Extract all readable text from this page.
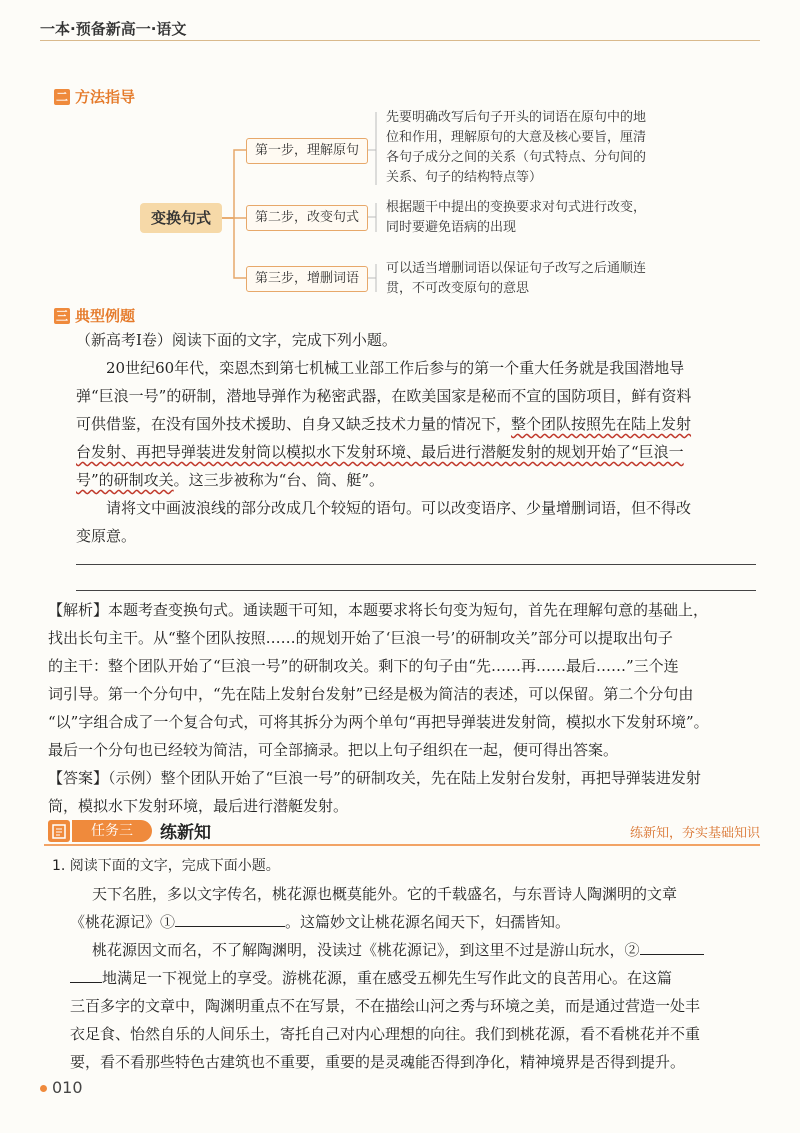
一本·预备新高一·语文
二 方法指导
变换句式
第一步，理解原句
第二步，改变句式
第三步，增删词语
先要明确改写后句子开头的词语在原句中的地
位和作用，理解原句的大意及核心要旨，厘清
各句子成分之间的关系（句式特点、分句间的
关系、句子的结构特点等）
根据题干中提出的变换要求对句式进行改变，
同时要避免语病的出现
可以适当增删词语以保证句子改写之后通顺连
贯，不可改变原句的意思
三 典型例题
（新高考Ⅰ卷）阅读下面的文字，完成下列小题。
20世纪60年代，栾恩杰到第七机械工业部工作后参与的第一个重大任务就是我国潜地导
弹“巨浪一号”的研制，潜地导弹作为秘密武器，在欧美国家是秘而不宣的国防项目，鲜有资料
可供借鉴，在没有国外技术援助、自身又缺乏技术力量的情况下，整个团队按照先在陆上发射
台发射、再把导弹装进发射筒以模拟水下发射环境、最后进行潜艇发射的规划开始了“巨浪一
号”的研制攻关。这三步被称为“台、筒、艇”。
请将文中画波浪线的部分改成几个较短的语句。可以改变语序、少量增删词语，但不得改
变原意。
【解析】本题考查变换句式。通读题干可知，本题要求将长句变为短句，首先在理解句意的基础上，
找出长句主干。从“整个团队按照……的规划开始了‘巨浪一号’的研制攻关”部分可以提取出句子
的主干：整个团队开始了“巨浪一号”的研制攻关。剩下的句子由“先……再……最后……”三个连
词引导。第一个分句中，“先在陆上发射台发射”已经是极为简洁的表述，可以保留。第二个分句由
“以”字组合成了一个复合句式，可将其拆分为两个单句“再把导弹装进发射筒，模拟水下发射环境”。
最后一个分句也已经较为简洁，可全部摘录。把以上句子组织在一起，便可得出答案。
【答案】（示例）整个团队开始了“巨浪一号”的研制攻关，先在陆上发射台发射，再把导弹装进发射
筒，模拟水下发射环境，最后进行潜艇发射。
任务三	练新知	练新知，夯实基础知识
1. 阅读下面的文字，完成下面小题。
天下名胜，多以文字传名，桃花源也概莫能外。它的千载盛名，与东晋诗人陶渊明的文章
《桃花源记》①	。这篇妙文让桃花源名闻天下，妇孺皆知。
桃花源因文而名，不了解陶渊明，没读过《桃花源记》，到这里不过是游山玩水，②
地满足一下视觉上的享受。游桃花源，重在感受五柳先生写作此文的良苦用心。在这篇
三百多字的文章中，陶渊明重点不在写景，不在描绘山河之秀与环境之美，而是通过营造一处丰
衣足食、怡然自乐的人间乐土，寄托自己对内心理想的向往。我们到桃花源，看不看桃花并不重
要，看不看那些特色古建筑也不重要，重要的是灵魂能否得到净化，精神境界是否得到提升。
010
